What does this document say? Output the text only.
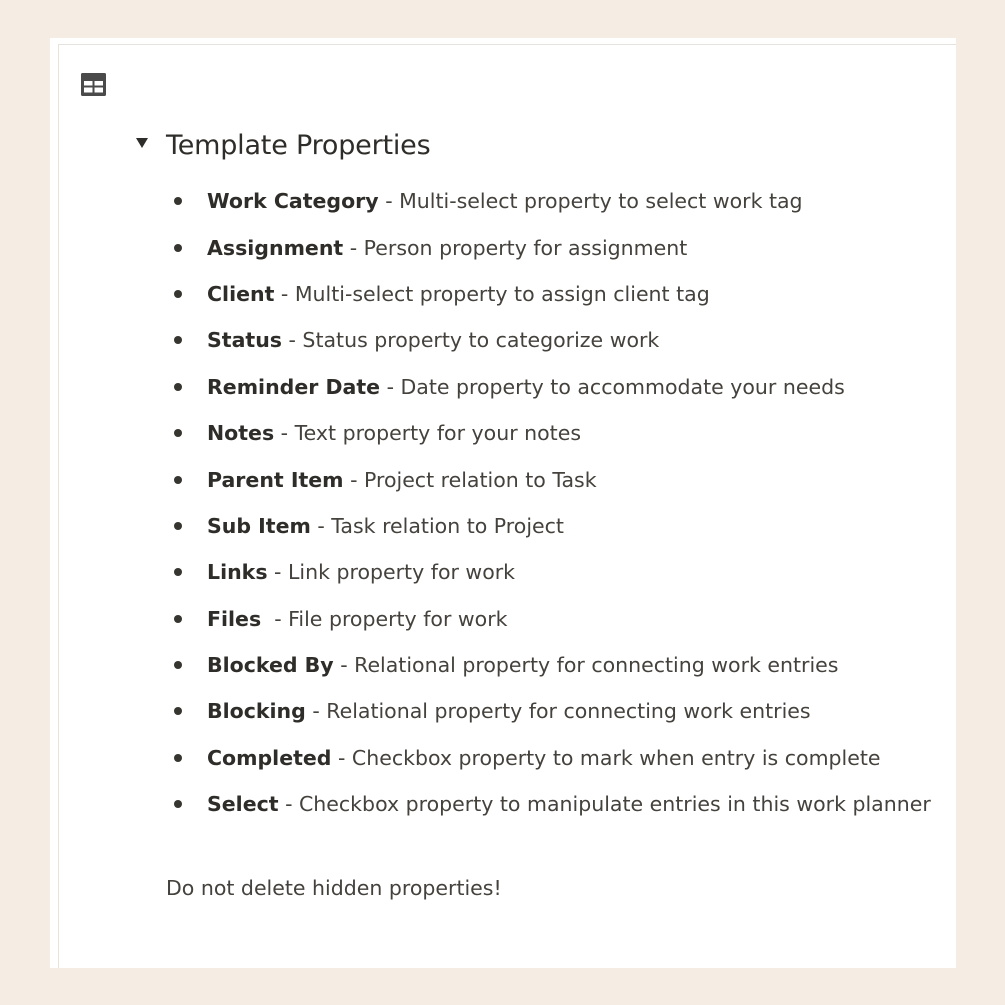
Template Properties
Work Category - Multi-select property to select work tag
Assignment - Person property for assignment
Client - Multi-select property to assign client tag
Status - Status property to categorize work
Reminder Date - Date property to accommodate your needs
Notes - Text property for your notes
Parent Item - Project relation to Task
Sub Item - Task relation to Project
Links - Link property for work
Files - File property for work
Blocked By - Relational property for connecting work entries
Blocking - Relational property for connecting work entries
Completed - Checkbox property to mark when entry is complete
Select - Checkbox property to manipulate entries in this work planner
Do not delete hidden properties!
